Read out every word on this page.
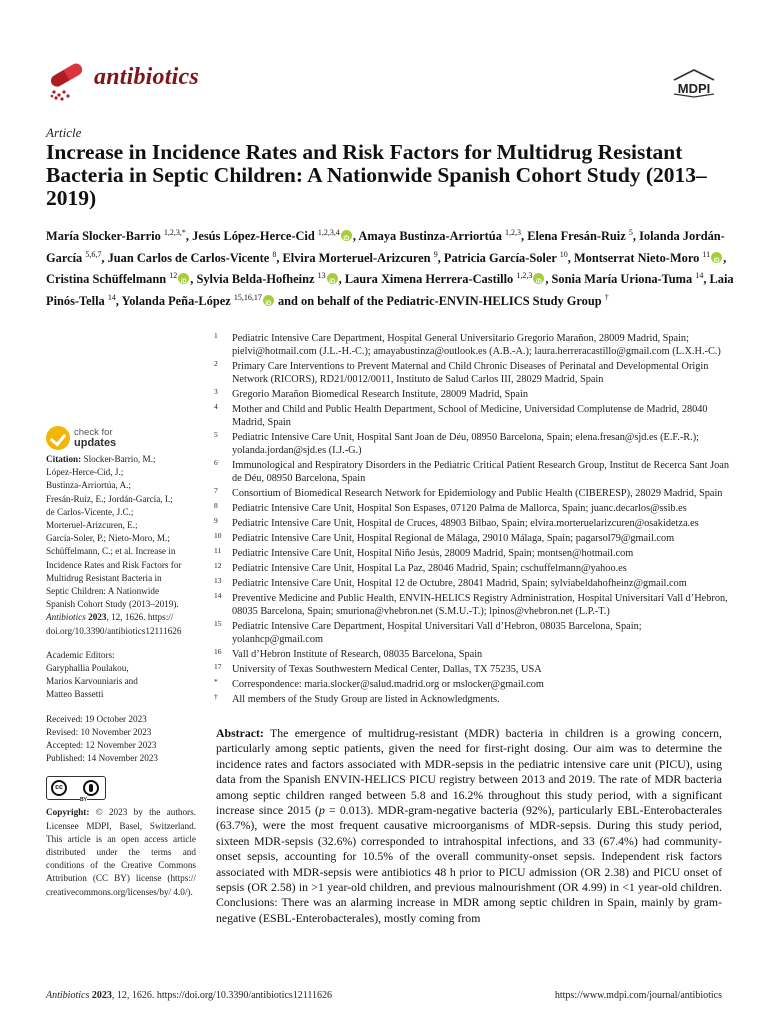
antibiotics	MDPI
Article
Increase in Incidence Rates and Risk Factors for Multidrug Resistant Bacteria in Septic Children: A Nationwide Spanish Cohort Study (2013–2019)
María Slocker-Barrio $^{1,2,3,*}$, Jesús López-Herce-Cid $^{1,2,3,4}$ iD , Amaya Bustinza-Arriortúa $^{1,2,3}$, Elena Fresán-Ruiz $^5$, Iolanda Jordán-García $^{5,6,7}$, Juan Carlos de Carlos-Vicente $^8$, Elvira Morteruel-Arizcuren $^9$, Patricia García-Soler $^{10}$, Montserrat Nieto-Moro $^{11}$ iD , Cristina Schüffelmann $^{12}$ iD , Sylvia Belda-Hofheinz $^{13}$ iD , Laura Ximena Herrera-Castillo $^{1,2,3}$ iD , Sonia María Uriona-Tuma $^{14}$, Laia Pinós-Tella $^{14}$, Yolanda Peña-López $^{15,16,17}$ iD and on behalf of the Pediatric-ENVIN-HELICS Study Group †
1 Pediatric Intensive Care Department, Hospital General Universitario Gregorio Marañon, 28009 Madrid, Spain; pielvi@hotmail.com (J.L.-H.-C.); amayabustinza@outlook.es (A.B.-A.); laura.herreracastillo@gmail.com (L.X.H.-C.)
2 Primary Care Interventions to Prevent Maternal and Child Chronic Diseases of Perinatal and Developmental Origin Network (RICORS), RD21/0012/0011, Instituto de Salud Carlos III, 28029 Madrid, Spain
3 Gregorio Marañon Biomedical Research Institute, 28009 Madrid, Spain
4 Mother and Child and Public Health Department, School of Medicine, Universidad Complutense de Madrid, 28040 Madrid, Spain
5 Pediatric Intensive Care Unit, Hospital Sant Joan de Déu, 08950 Barcelona, Spain; elena.fresan@sjd.es (E.F.-R.); yolanda.jordan@sjd.es (I.J.-G.)
6 Immunological and Respiratory Disorders in the Pediatric Critical Patient Research Group, Institut de Recerca Sant Joan de Déu, 08950 Barcelona, Spain
7 Consortium of Biomedical Research Network for Epidemiology and Public Health (CIBERESP), 28029 Madrid, Spain
8 Pediatric Intensive Care Unit, Hospital Son Espases, 07120 Palma de Mallorca, Spain; juanc.decarlos@ssib.es
9 Pediatric Intensive Care Unit, Hospital de Cruces, 48903 Bilbao, Spain; elvira.morteruelarizcuren@osakidetza.es
10 Pediatric Intensive Care Unit, Hospital Regional de Málaga, 29010 Málaga, Spain; pagarsol79@gmail.com
11 Pediatric Intensive Care Unit, Hospital Niño Jesús, 28009 Madrid, Spain; montsen@hotmail.com
12 Pediatric Intensive Care Unit, Hospital La Paz, 28046 Madrid, Spain; cschuffelmann@yahoo.es
13 Pediatric Intensive Care Unit, Hospital 12 de Octubre, 28041 Madrid, Spain; sylviabeldahofheinz@gmail.com
14 Preventive Medicine and Public Health, ENVIN-HELICS Registry Administration, Hospital Universitari Vall d’Hebron, 08035 Barcelona, Spain; smuriona@vhebron.net (S.M.U.-T.); lpinos@vhebron.net (L.P.-T.)
15 Pediatric Intensive Care Department, Hospital Universitari Vall d’Hebron, 08035 Barcelona, Spain; yolanhcp@gmail.com
16 Vall d’Hebron Institute of Research, 08035 Barcelona, Spain
17 University of Texas Southwestern Medical Center, Dallas, TX 75235, USA
* Correspondence: maria.slocker@salud.madrid.org or mslocker@gmail.com
† All members of the Study Group are listed in Acknowledgments.
check for
updates
Citation: Slocker-Barrio, M.;
López-Herce-Cid, J.;
Bustinza-Arriortúa, A.;
Fresán-Ruiz, E.; Jordán-García, I.;
de Carlos-Vicente, J.C.;
Morteruel-Arizcuren, E.;
García-Soler, P.; Nieto-Moro, M.;
Schüffelmann, C.; et al. Increase in
Incidence Rates and Risk Factors for
Multidrug Resistant Bacteria in
Septic Children: A Nationwide
Spanish Cohort Study (2013–2019).
Antibiotics 2023, 12, 1626. https://
doi.org/10.3390/antibiotics12111626
Academic Editors:
Garyphallia Poulakou,
Marios Karvouniaris and
Matteo Bassetti
Received: 19 October 2023
Revised: 10 November 2023
Accepted: 12 November 2023
Published: 14 November 2023
cc
BY
Copyright: © 2023 by the authors. Licensee MDPI, Basel, Switzerland. This article is an open access article distributed under the terms and conditions of the Creative Commons Attribution (CC BY) license (https:// creativecommons.org/licenses/by/ 4.0/).
Abstract: The emergence of multidrug-resistant (MDR) bacteria in children is a growing concern, particularly among septic patients, given the need for first-right dosing. Our aim was to determine the incidence rates and factors associated with MDR-sepsis in the pediatric intensive care unit (PICU), using data from the Spanish ENVIN-HELICS PICU registry between 2013 and 2019. The rate of MDR bacteria among septic children ranged between 5.8 and 16.2% throughout this study period, with a significant increase since 2015 (p = 0.013). MDR-gram-negative bacteria (92%), particularly EBL-Enterobacterales (63.7%), were the most frequent causative microorganisms of MDR-sepsis. During this study period, sixteen MDR-sepsis (32.6%) corresponded to intrahospital infections, and 33 (67.4%) had community-onset sepsis, accounting for 10.5% of the overall community-onset sepsis. Independent risk factors associated with MDR-sepsis were antibiotics 48 h prior to PICU admission (OR 2.38) and PICU onset of sepsis (OR 2.58) in >1 year-old children, and previous malnourishment (OR 4.99) in <1 year-old children. Conclusions: There was an alarming increase in MDR among septic children in Spain, mainly by gram-negative (ESBL-Enterobacterales), mostly coming from
Antibiotics 2023, 12, 1626. https://doi.org/10.3390/antibiotics12111626	https://www.mdpi.com/journal/antibiotics
